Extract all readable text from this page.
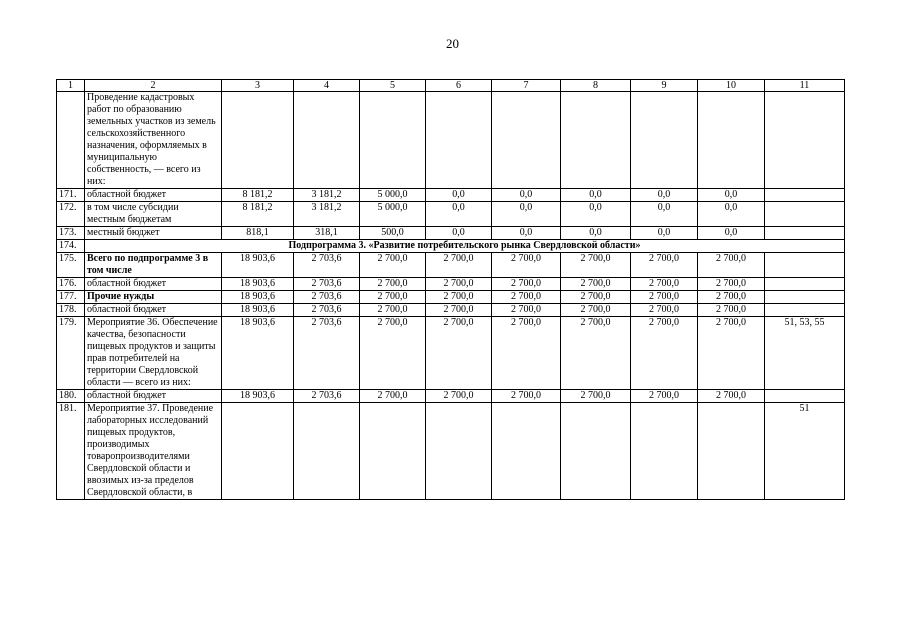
20
1	2	3	4	5	6	7	8	9	10	11
	Проведение кадастровых работ по образованию земельных участков из земель сельскохозяйственного назначения, оформляемых в муниципальную собственность, — всего из них:									
171.	областной бюджет	8 181,2	3 181,2	5 000,0	0,0	0,0	0,0	0,0	0,0	
172.	в том числе субсидии местным бюджетам	8 181,2	3 181,2	5 000,0	0,0	0,0	0,0	0,0	0,0	
173.	местный бюджет	818,1	318,1	500,0	0,0	0,0	0,0	0,0	0,0	
174.	Подпрограмма 3. «Развитие потребительского рынка Свердловской области»									
175.	Всего по подпрограмме 3 в том числе	18 903,6	2 703,6	2 700,0	2 700,0	2 700,0	2 700,0	2 700,0	2 700,0	
176.	областной бюджет	18 903,6	2 703,6	2 700,0	2 700,0	2 700,0	2 700,0	2 700,0	2 700,0	
177.	Прочие нужды	18 903,6	2 703,6	2 700,0	2 700,0	2 700,0	2 700,0	2 700,0	2 700,0	
178.	областной бюджет	18 903,6	2 703,6	2 700,0	2 700,0	2 700,0	2 700,0	2 700,0	2 700,0	
179.	Мероприятие 36. Обеспечение качества, безопасности пищевых продуктов и защиты прав потребителей на территории Свердловской области — всего из них:	18 903,6	2 703,6	2 700,0	2 700,0	2 700,0	2 700,0	2 700,0	2 700,0	51, 53, 55
180.	областной бюджет	18 903,6	2 703,6	2 700,0	2 700,0	2 700,0	2 700,0	2 700,0	2 700,0	
181.	Мероприятие 37. Проведение лабораторных исследований пищевых продуктов, производимых товаропроизводителями Свердловской области и ввозимых из-за пределов Свердловской области, в									51
